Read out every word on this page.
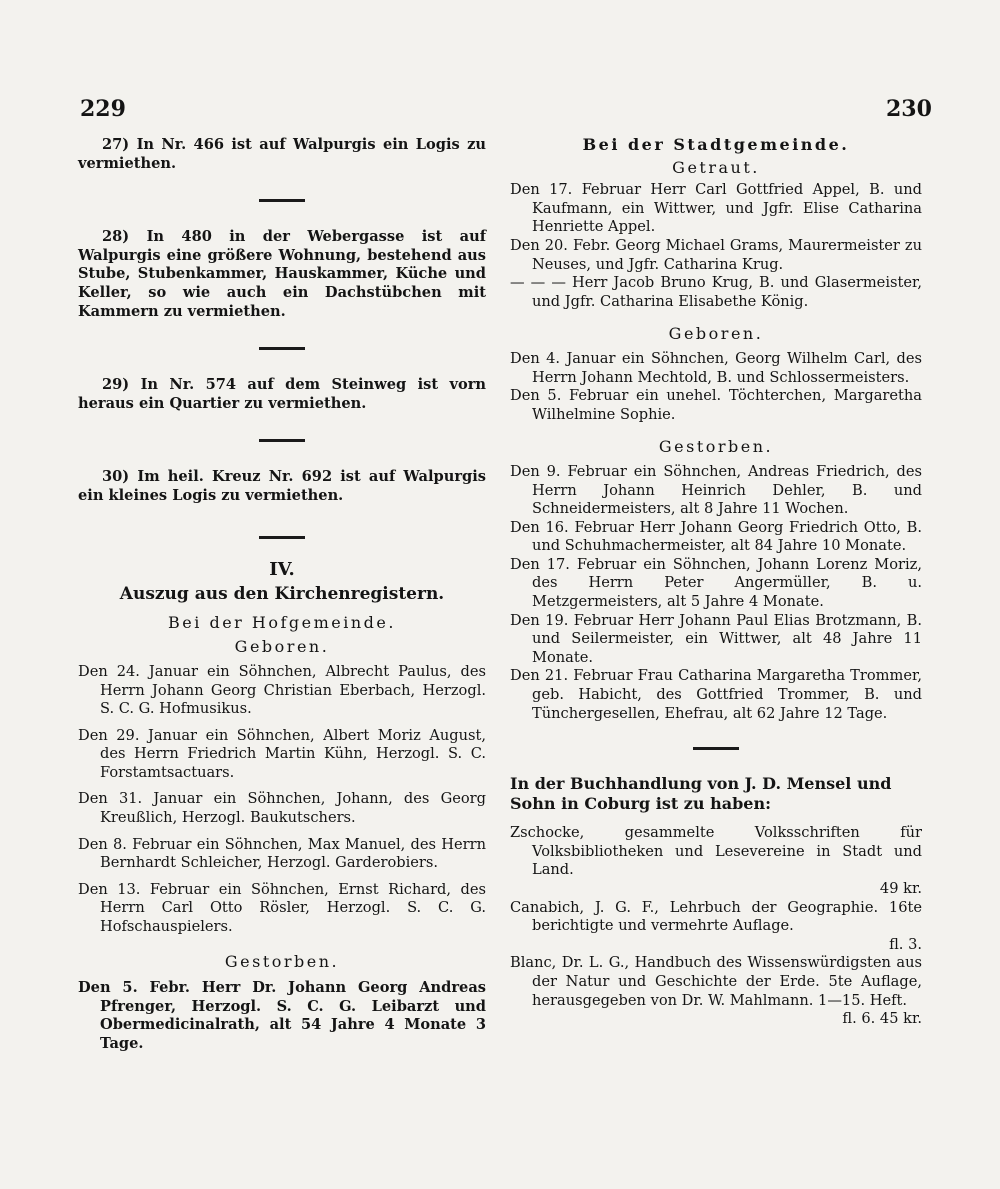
229	230

27) In Nr. 466 ist auf Walpurgis ein Logis zu vermiethen.

28) In 480 in der Webergasse ist auf Walpurgis eine größere Wohnung, bestehend aus Stube, Stubenkammer, Hauskammer, Küche und Keller, so wie auch ein Dachstübchen mit Kammern zu vermiethen.

29) In Nr. 574 auf dem Steinweg ist vorn heraus ein Quartier zu vermiethen.

30) Im heil. Kreuz Nr. 692 ist auf Walpurgis ein kleines Logis zu vermiethen.

IV.
Auszug aus den Kirchenregistern.
Bei der Hofgemeinde.
Geboren.

Den 24. Januar ein Söhnchen, Albrecht Paulus, des Herrn Johann Georg Christian Eberbach, Herzogl. S. C. G. Hofmusikus.

Den 29. Januar ein Söhnchen, Albert Moriz August, des Herrn Friedrich Martin Kühn, Herzogl. S. C. Forstamtsactuars.

Den 31. Januar ein Söhnchen, Johann, des Georg Kreußlich, Herzogl. Baukutschers.

Den 8. Februar ein Söhnchen, Max Manuel, des Herrn Bernhardt Schleicher, Herzogl. Garderobiers.

Den 13. Februar ein Söhnchen, Ernst Richard, des Herrn Carl Otto Rösler, Herzogl. S. C. G. Hofschauspielers.

Gestorben.

Den 5. Febr. Herr Dr. Johann Georg Andreas Pfrenger, Herzogl. S. C. G. Leibarzt und Obermedicinalrath, alt 54 Jahre 4 Monate 3 Tage.

Bei der Stadtgemeinde.
Getraut.

Den 17. Februar Herr Carl Gottfried Appel, B. und Kaufmann, ein Wittwer, und Jgfr. Elise Catharina Henriette Appel.

Den 20. Febr. Georg Michael Grams, Maurermeister zu Neuses, und Jgfr. Catharina Krug.

— — — Herr Jacob Bruno Krug, B. und Glasermeister, und Jgfr. Catharina Elisabethe König.

Geboren.

Den 4. Januar ein Söhnchen, Georg Wilhelm Carl, des Herrn Johann Mechtold, B. und Schlossermeisters.

Den 5. Februar ein unehel. Töchterchen, Margaretha Wilhelmine Sophie.

Gestorben.

Den 9. Februar ein Söhnchen, Andreas Friedrich, des Herrn Johann Heinrich Dehler, B. und Schneidermeisters, alt 8 Jahre 11 Wochen.

Den 16. Februar Herr Johann Georg Friedrich Otto, B. und Schuhmachermeister, alt 84 Jahre 10 Monate.

Den 17. Februar ein Söhnchen, Johann Lorenz Moriz, des Herrn Peter Angermüller, B. u. Metzgermeisters, alt 5 Jahre 4 Monate.

Den 19. Februar Herr Johann Paul Elias Brotzmann, B. und Seilermeister, ein Wittwer, alt 48 Jahre 11 Monate.

Den 21. Februar Frau Catharina Margaretha Trommer, geb. Habicht, des Gottfried Trommer, B. und Tünchergesellen, Ehefrau, alt 62 Jahre 12 Tage.

In der Buchhandlung von J. D. Mensel und Sohn in Coburg ist zu haben:

Zschocke, gesammelte Volksschriften für Volksbibliotheken und Lesevereine in Stadt und Land.

49 kr.

Canabich, J. G. F., Lehrbuch der Geographie. 16te berichtigte und vermehrte Auflage.

fl. 3.

Blanc, Dr. L. G., Handbuch des Wissenswürdigsten aus der Natur und Geschichte der Erde. 5te Auflage, herausgegeben von Dr. W. Mahlmann. 1—15. Heft.

fl. 6. 45 kr.
